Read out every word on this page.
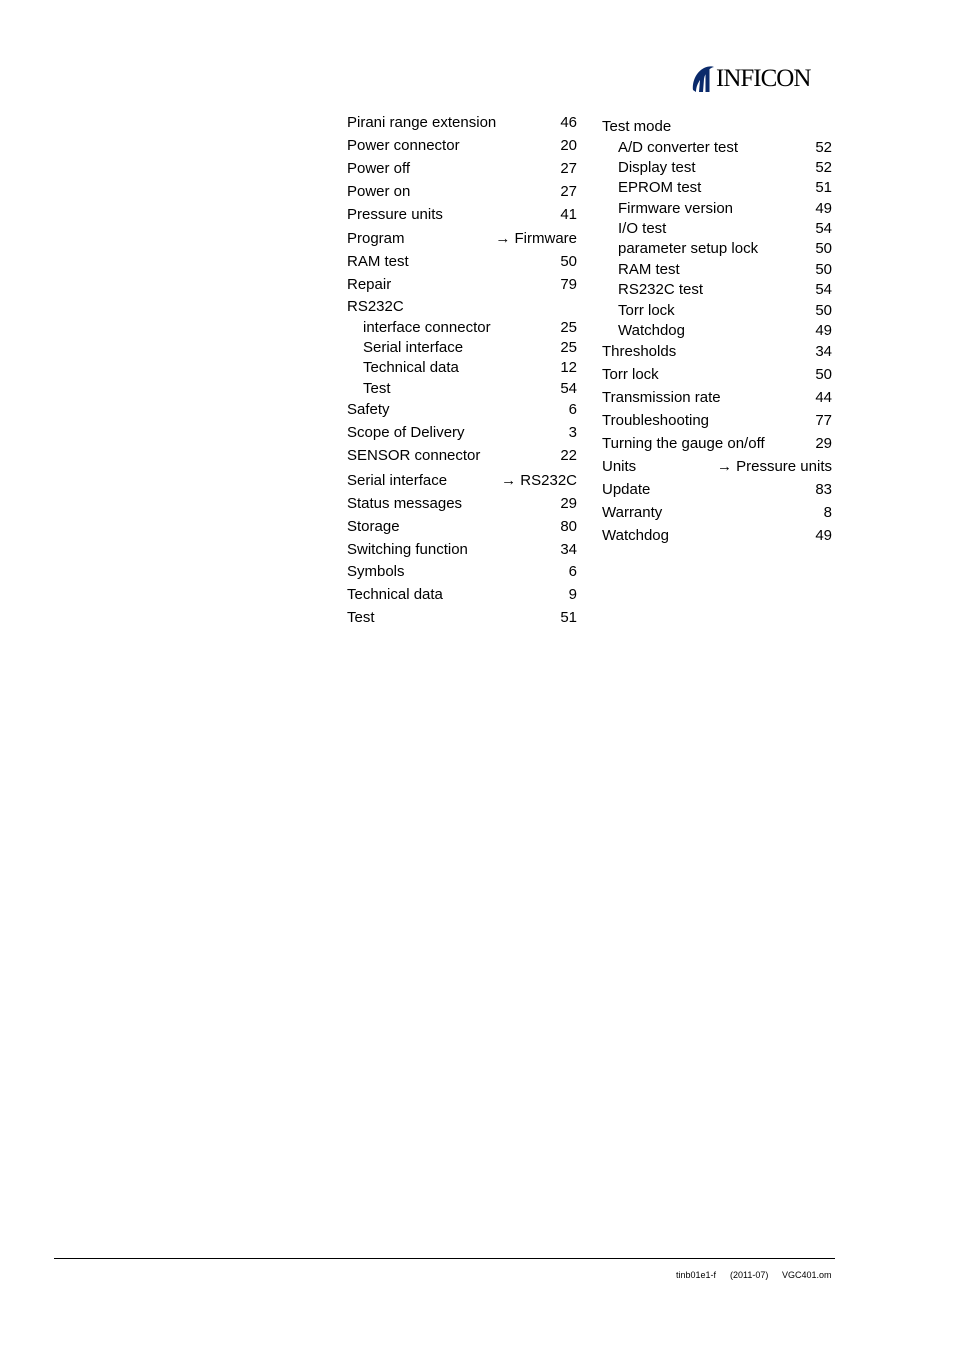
INFICON
Pirani range extension	46
Power connector	20
Power off	27
Power on	27
Pressure units	41
Program	→ Firmware
RAM test	50
Repair	79
RS232C
interface connector	25
Serial interface	25
Technical data	12
Test	54
Safety	6
Scope of Delivery	3
SENSOR connector	22
Serial interface	→ RS232C
Status messages	29
Storage	80
Switching function	34
Symbols	6
Technical data	9
Test	51
Test mode
A/D converter test	52
Display test	52
EPROM test	51
Firmware version	49
I/O test	54
parameter setup lock	50
RAM test	50
RS232C test	54
Torr lock	50
Watchdog	49
Thresholds	34
Torr lock	50
Transmission rate	44
Troubleshooting	77
Turning the gauge on/off	29
Units	→ Pressure units
Update	83
Warranty	8
Watchdog	49
tinb01e1-f (2011-07) VGC401.om
